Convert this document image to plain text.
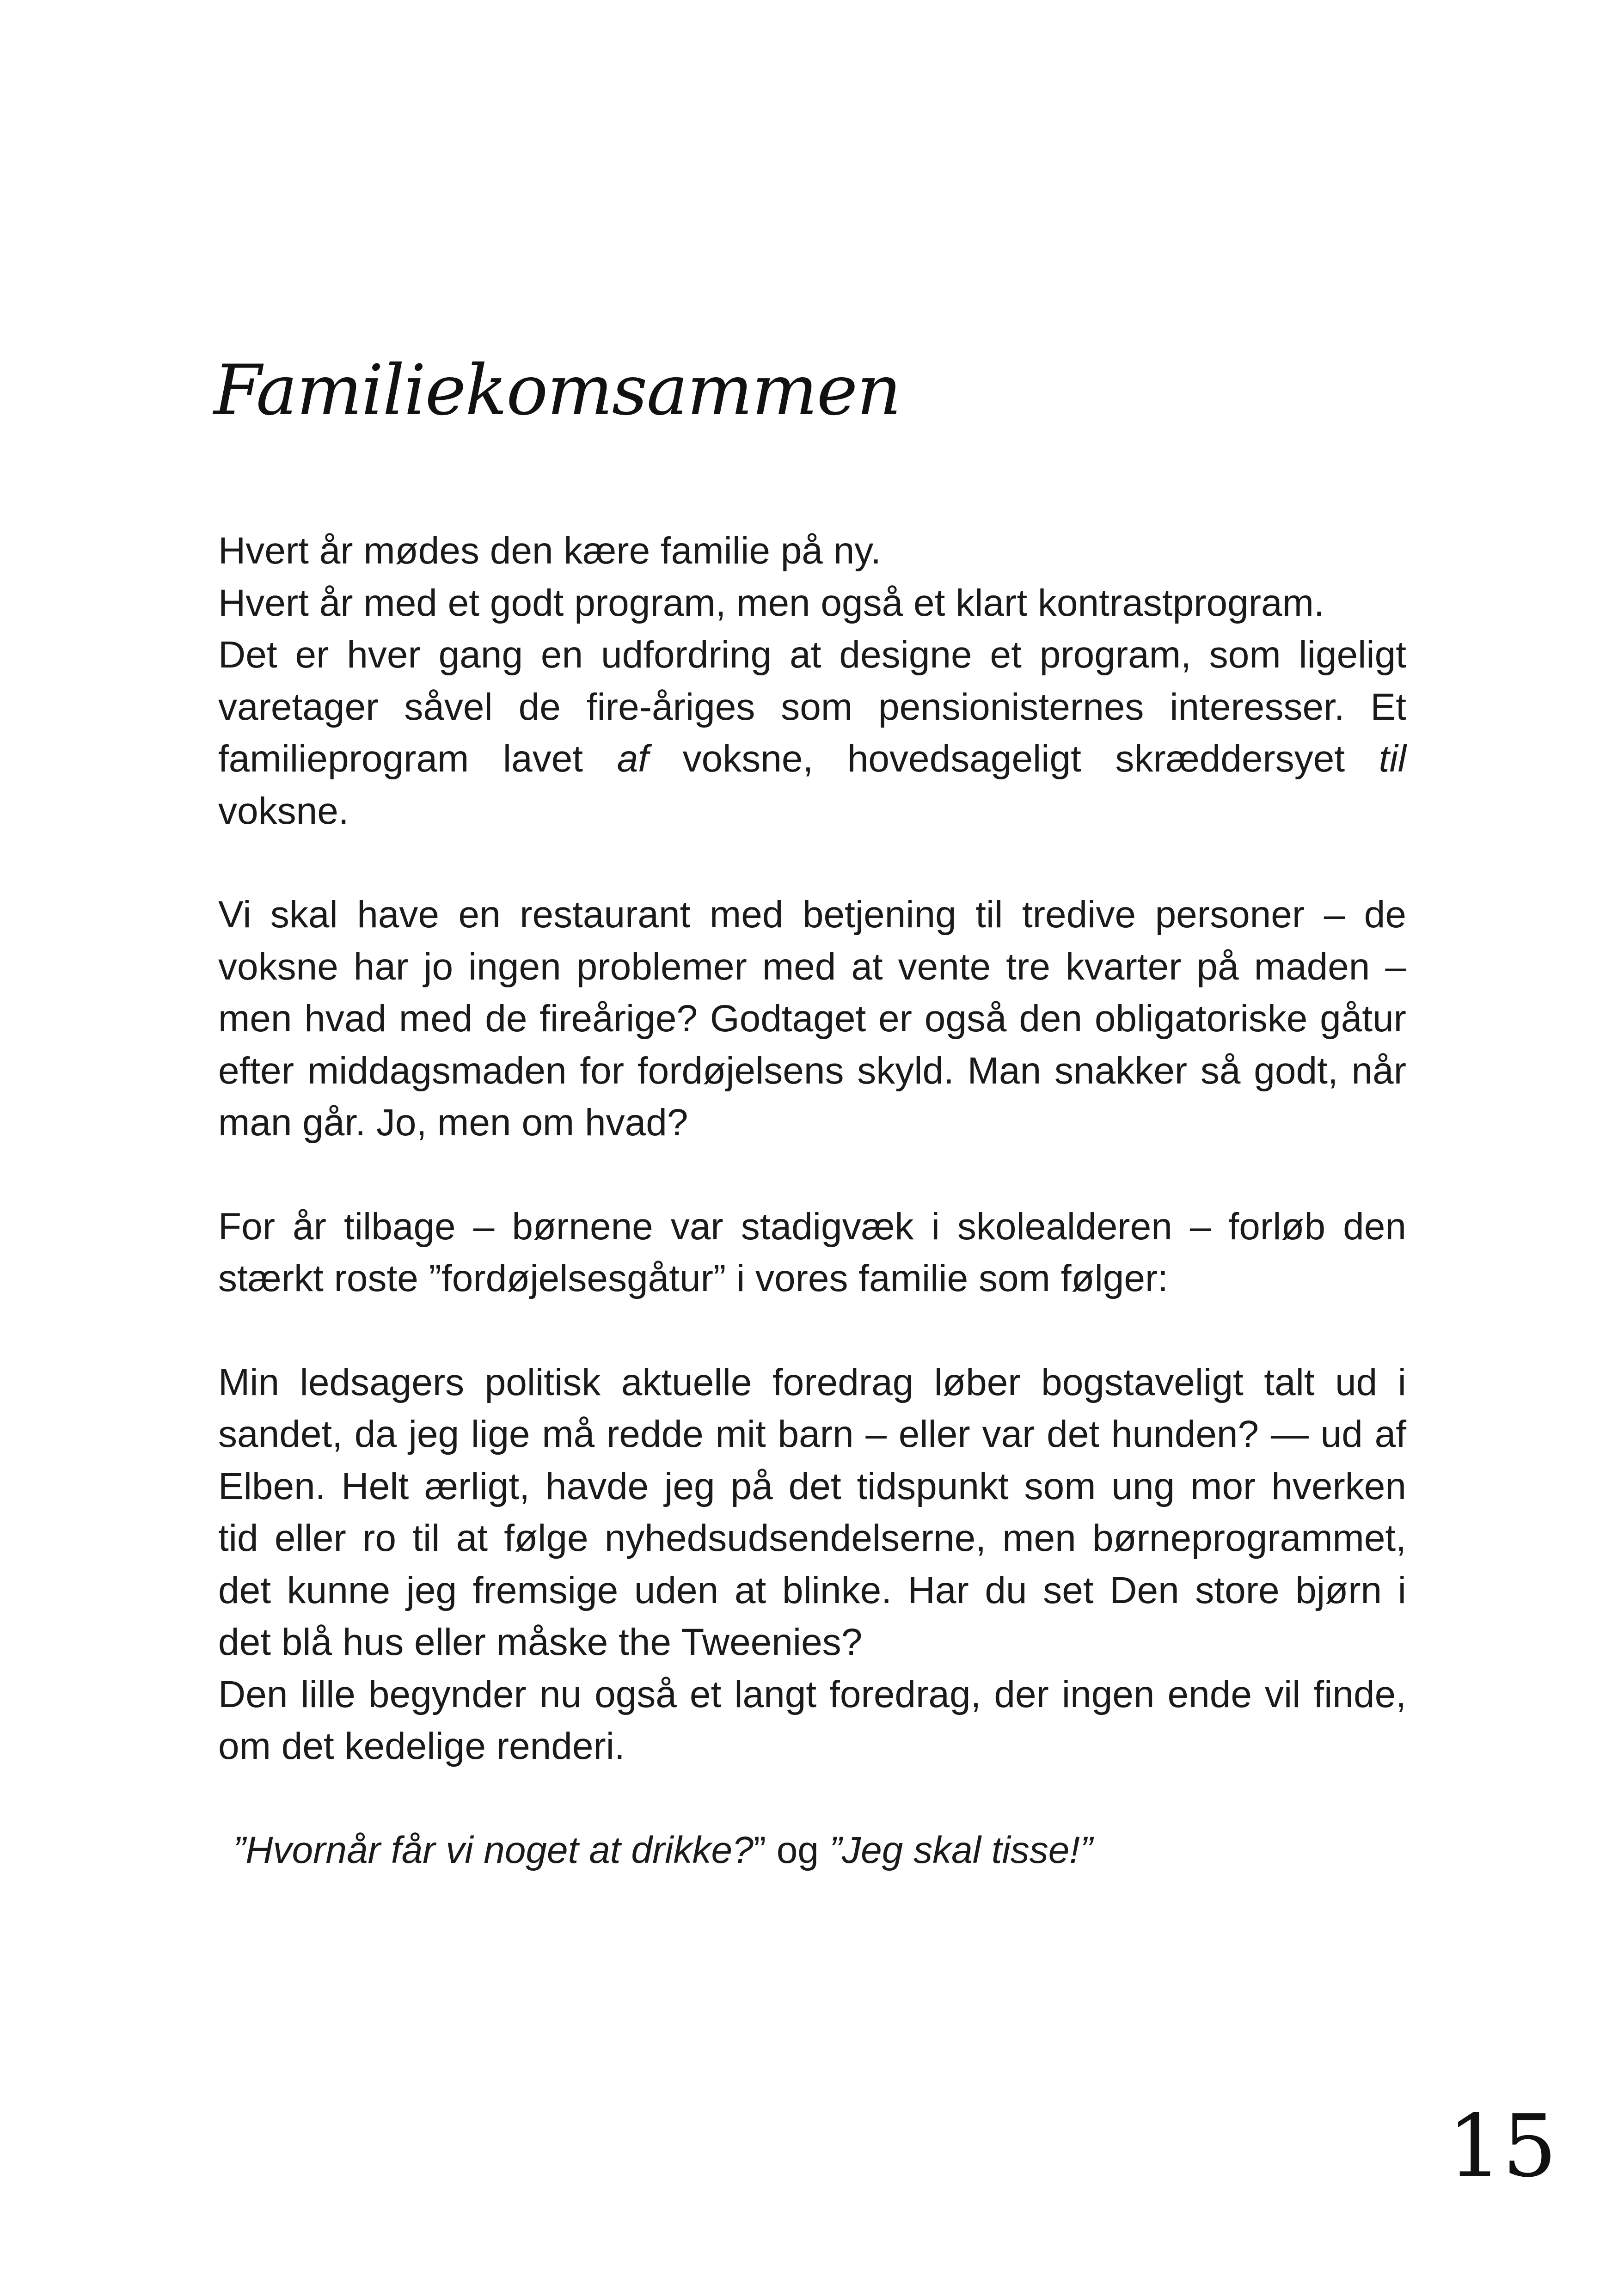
Familiekomsammen

Hvert år mødes den kære familie på ny.
Hvert år med et godt program, men også et klart kontrastprogram.
Det er hver gang en udfordring at designe et program, som ligeligt
varetager såvel de fire-åriges som pensionisternes interesser. Et
familieprogram lavet af voksne, hovedsageligt skræddersyet til
voksne.

Vi skal have en restaurant med betjening til tredive personer – de
voksne har jo ingen problemer med at vente tre kvarter på maden –
men hvad med de fireårige? Godtaget er også den obligatoriske gåtur
efter middagsmaden for fordøjelsens skyld. Man snakker så godt, når
man går. Jo, men om hvad?

For år tilbage – børnene var stadigvæk i skolealderen – forløb den
stærkt roste ”fordøjelsesgåtur” i vores familie som følger:

Min ledsagers politisk aktuelle foredrag løber bogstaveligt talt ud i
sandet, da jeg lige må redde mit barn – eller var det hunden? — ud af
Elben. Helt ærligt, havde jeg på det tidspunkt som ung mor hverken
tid eller ro til at følge nyhedsudsendelserne, men børneprogrammet,
det kunne jeg fremsige uden at blinke. Har du set Den store bjørn i
det blå hus eller måske the Tweenies?
Den lille begynder nu også et langt foredrag, der ingen ende vil finde,
om det kedelige renderi.

”Hvornår får vi noget at drikke?” og ”Jeg skal tisse!”

15
